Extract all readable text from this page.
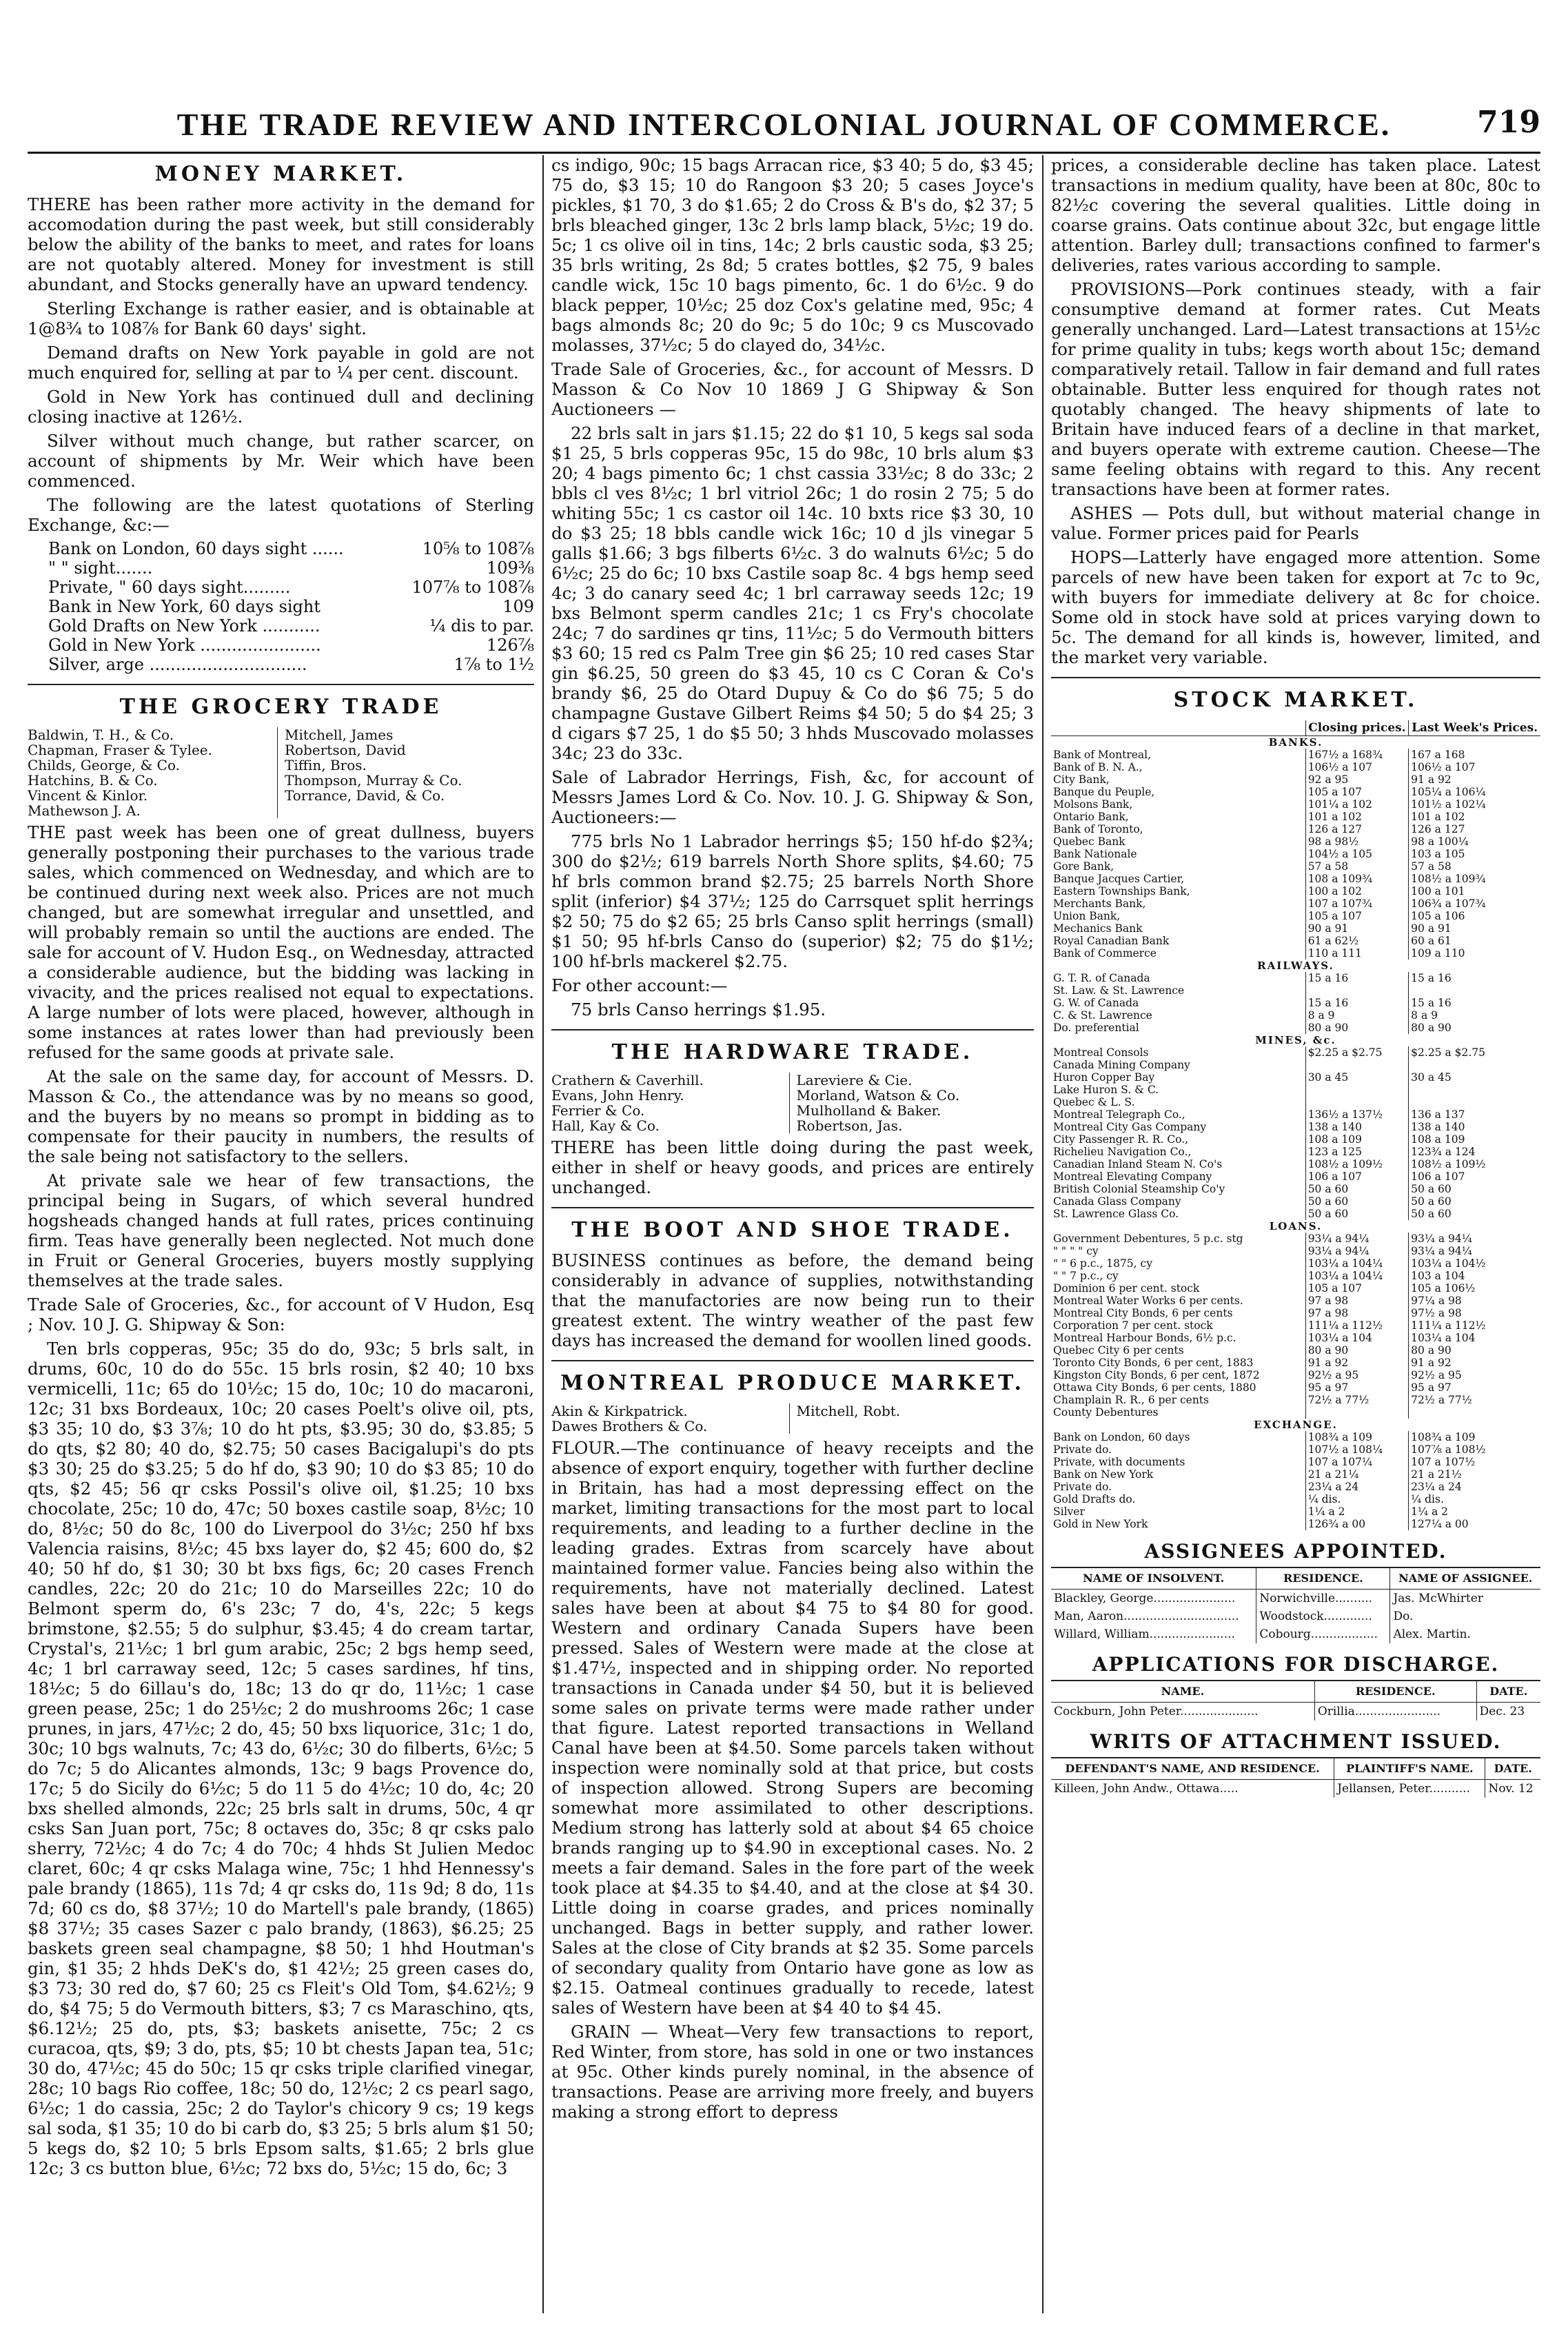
THE TRADE REVIEW AND INTERCOLONIAL JOURNAL OF COMMERCE.	719
MONEY MARKET.

THERE has been rather more activity in the demand for accomodation during the past week, but still considerably below the ability of the banks to meet, and rates for loans are not quotably altered. Money for investment is still abundant, and Stocks generally have an upward tendency.

Sterling Exchange is rather easier, and is obtainable at 1@8¾ to 108⅞ for Bank 60 days' sight.

Demand drafts on New York payable in gold are not much enquired for, selling at par to ¼ per cent. discount.

Gold in New York has continued dull and declining closing inactive at 126½.

Silver without much change, but rather scarcer, on account of shipments by Mr. Weir which have been commenced.

The following are the latest quotations of Sterling Exchange, &c:—

Bank on London, 60 days sight ......	10⅝ to 108⅞
" " sight.......	109⅜
Private, " 60 days sight.........	107⅞ to 108⅞
Bank in New York, 60 days sight	109
Gold Drafts on New York ...........	¼ dis to par.
Gold in New York .......................	126⅞
Silver, arge ..............................	1⅞ to 1½
THE GROCERY TRADE
Baldwin, T. H., & Co.
Chapman, Fraser & Tylee.
Childs, George, & Co.
Hatchins, B. & Co.
Vincent & Kinlor.
Mathewson J. A.
Mitchell, James
Robertson, David
Tiffin, Bros.
Thompson, Murray & Co.
Torrance, David, & Co.

THE past week has been one of great dullness, buyers generally postponing their purchases to the various trade sales, which commenced on Wednesday, and which are to be continued during next week also. Prices are not much changed, but are somewhat irregular and unsettled, and will probably remain so until the auctions are ended. The sale for account of V. Hudon Esq., on Wednesday, attracted a considerable audience, but the bidding was lacking in vivacity, and the prices realised not equal to expectations. A large number of lots were placed, however, although in some instances at rates lower than had previously been refused for the same goods at private sale.

At the sale on the same day, for account of Messrs. D. Masson & Co., the attendance was by no means so good, and the buyers by no means so prompt in bidding as to compensate for their paucity in numbers, the results of the sale being not satisfactory to the sellers.

At private sale we hear of few transactions, the principal being in Sugars, of which several hundred hogsheads changed hands at full rates, prices continuing firm. Teas have generally been neglected. Not much done in Fruit or General Groceries, buyers mostly supplying themselves at the trade sales.

Trade Sale of Groceries, &c., for account of V Hudon, Esq ; Nov. 10 J. G. Shipway & Son:

Ten brls copperas, 95c; 35 do do, 93c; 5 brls salt, in drums, 60c, 10 do do 55c. 15 brls rosin, $2 40; 10 bxs vermicelli, 11c; 65 do 10½c; 15 do, 10c; 10 do macaroni, 12c; 31 bxs Bordeaux, 10c; 20 cases Poelt's olive oil, pts, $3 35; 10 do, $3 3⅞; 10 do ht pts, $3.95; 30 do, $3.85; 5 do qts, $2 80; 40 do, $2.75; 50 cases Bacigalupi's do pts $3 30; 25 do $3.25; 5 do hf do, $3 90; 10 do $3 85; 10 do qts, $2 45; 56 qr csks Possil's olive oil, $1.25; 10 bxs chocolate, 25c; 10 do, 47c; 50 boxes castile soap, 8½c; 10 do, 8½c; 50 do 8c, 100 do Liverpool do 3½c; 250 hf bxs Valencia raisins, 8½c; 45 bxs layer do, $2 45; 600 do, $2 40; 50 hf do, $1 30; 30 bt bxs figs, 6c; 20 cases French candles, 22c; 20 do 21c; 10 do Marseilles 22c; 10 do Belmont sperm do, 6's 23c; 7 do, 4's, 22c; 5 kegs brimstone, $2.55; 5 do sulphur, $3.45; 4 do cream tartar, Crystal's, 21½c; 1 brl gum arabic, 25c; 2 bgs hemp seed, 4c; 1 brl carraway seed, 12c; 5 cases sardines, hf tins, 18½c; 5 do 6illau's do, 18c; 13 do qr do, 11½c; 1 case green pease, 25c; 1 do 25½c; 2 do mushrooms 26c; 1 case prunes, in jars, 47½c; 2 do, 45; 50 bxs liquorice, 31c; 1 do, 30c; 10 bgs walnuts, 7c; 43 do, 6½c; 30 do filberts, 6½c; 5 do 7c; 5 do Alicantes almonds, 13c; 9 bags Provence do, 17c; 5 do Sicily do 6½c; 5 do 11 5 do 4½c; 10 do, 4c; 20 bxs shelled almonds, 22c; 25 brls salt in drums, 50c, 4 qr csks San Juan port, 75c; 8 octaves do, 35c; 8 qr csks palo sherry, 72½c; 4 do 7c; 4 do 70c; 4 hhds St Julien Medoc claret, 60c; 4 qr csks Malaga wine, 75c; 1 hhd Hennessy's pale brandy (1865), 11s 7d; 4 qr csks do, 11s 9d; 8 do, 11s 7d; 60 cs do, $8 37½; 10 do Martell's pale brandy, (1865) $8 37½; 35 cases Sazer c palo brandy, (1863), $6.25; 25 baskets green seal champagne, $8 50; 1 hhd Houtman's gin, $1 35; 2 hhds DeK's do, $1 42½; 25 green cases do, $3 73; 30 red do, $7 60; 25 cs Fleit's Old Tom, $4.62½; 9 do, $4 75; 5 do Vermouth bitters, $3; 7 cs Maraschino, qts, $6.12½; 25 do, pts, $3; baskets anisette, 75c; 2 cs curacoa, qts, $9; 3 do, pts, $5; 10 bt chests Japan tea, 51c; 30 do, 47½c; 45 do 50c; 15 qr csks triple clarified vinegar, 28c; 10 bags Rio coffee, 18c; 50 do, 12½c; 2 cs pearl sago, 6½c; 1 do cassia, 25c; 2 do Taylor's chicory 9 cs; 19 kegs sal soda, $1 35; 10 do bi carb do, $3 25; 5 brls alum $1 50; 5 kegs do, $2 10; 5 brls Epsom salts, $1.65; 2 brls glue 12c; 3 cs button blue, 6½c; 72 bxs do, 5½c; 15 do, 6c; 3

cs indigo, 90c; 15 bags Arracan rice, $3 40; 5 do, $3 45; 75 do, $3 15; 10 do Rangoon $3 20; 5 cases Joyce's pickles, $1 70, 3 do $1.65; 2 do Cross & B's do, $2 37; 5 brls bleached ginger, 13c 2 brls lamp black, 5½c; 19 do. 5c; 1 cs olive oil in tins, 14c; 2 brls caustic soda, $3 25; 35 brls writing, 2s 8d; 5 crates bottles, $2 75, 9 bales candle wick, 15c 10 bags pimento, 6c. 1 do 6½c. 9 do black pepper, 10½c; 25 doz Cox's gelatine med, 95c; 4 bags almonds 8c; 20 do 9c; 5 do 10c; 9 cs Muscovado molasses, 37½c; 5 do clayed do, 34½c.

Trade Sale of Groceries, &c., for account of Messrs. D Masson & Co Nov 10 1869 J G Shipway & Son Auctioneers —

22 brls salt in jars $1.15; 22 do $1 10, 5 kegs sal soda $1 25, 5 brls copperas 95c, 15 do 98c, 10 brls alum $3 20; 4 bags pimento 6c; 1 chst cassia 33½c; 8 do 33c; 2 bbls cl ves 8½c; 1 brl vitriol 26c; 1 do rosin 2 75; 5 do whiting 55c; 1 cs castor oil 14c. 10 bxts rice $3 30, 10 do $3 25; 18 bbls candle wick 16c; 10 d jls vinegar 5 galls $1.66; 3 bgs filberts 6½c. 3 do walnuts 6½c; 5 do 6½c; 25 do 6c; 10 bxs Castile soap 8c. 4 bgs hemp seed 4c; 3 do canary seed 4c; 1 brl carraway seeds 12c; 19 bxs Belmont sperm candles 21c; 1 cs Fry's chocolate 24c; 7 do sardines qr tins, 11½c; 5 do Vermouth bitters $3 60; 15 red cs Palm Tree gin $6 25; 10 red cases Star gin $6.25, 50 green do $3 45, 10 cs C Coran & Co's brandy $6, 25 do Otard Dupuy & Co do $6 75; 5 do champagne Gustave Gilbert Reims $4 50; 5 do $4 25; 3 d cigars $7 25, 1 do $5 50; 3 hhds Muscovado molasses 34c; 23 do 33c.

Sale of Labrador Herrings, Fish, &c, for account of Messrs James Lord & Co. Nov. 10. J. G. Shipway & Son, Auctioneers:—

775 brls No 1 Labrador herrings $5; 150 hf-do $2¾; 300 do $2½; 619 barrels North Shore splits, $4.60; 75 hf brls common brand $2.75; 25 barrels North Shore split (inferior) $4 37½; 125 do Carrsquet split herrings $2 50; 75 do $2 65; 25 brls Canso split herrings (small) $1 50; 95 hf-brls Canso do (superior) $2; 75 do $1½; 100 hf-brls mackerel $2.75.

For other account:—

75 brls Canso herrings $1.95.

THE HARDWARE TRADE.
Crathern & Caverhill.
Evans, John Henry.
Ferrier & Co.
Hall, Kay & Co.
Lareviere & Cie.
Morland, Watson & Co.
Mulholland & Baker.
Robertson, Jas.

THERE has been little doing during the past week, either in shelf or heavy goods, and prices are entirely unchanged.

THE BOOT AND SHOE TRADE.

BUSINESS continues as before, the demand being considerably in advance of supplies, notwithstanding that the manufactories are now being run to their greatest extent. The wintry weather of the past few days has increased the demand for woollen lined goods.

MONTREAL PRODUCE MARKET.
Akin & Kirkpatrick.
Dawes Brothers & Co.
Mitchell, Robt.

FLOUR.—The continuance of heavy receipts and the absence of export enquiry, together with further decline in Britain, has had a most depressing effect on the market, limiting transactions for the most part to local requirements, and leading to a further decline in the leading grades. Extras from scarcely have about maintained former value. Fancies being also within the requirements, have not materially declined. Latest sales have been at about $4 75 to $4 80 for good. Western and ordinary Canada Supers have been pressed. Sales of Western were made at the close at $1.47½, inspected and in shipping order. No reported transactions in Canada under $4 50, but it is believed some sales on private terms were made rather under that figure. Latest reported transactions in Welland Canal have been at $4.50. Some parcels taken without inspection were nominally sold at that price, but costs of inspection allowed. Strong Supers are becoming somewhat more assimilated to other descriptions. Medium strong has latterly sold at about $4 65 choice brands ranging up to $4.90 in exceptional cases. No. 2 meets a fair demand. Sales in the fore part of the week took place at $4.35 to $4.40, and at the close at $4 30. Little doing in coarse grades, and prices nominally unchanged. Bags in better supply, and rather lower. Sales at the close of City brands at $2 35. Some parcels of secondary quality from Ontario have gone as low as $2.15. Oatmeal continues gradually to recede, latest sales of Western have been at $4 40 to $4 45.

GRAIN — Wheat—Very few transactions to report, Red Winter, from store, has sold in one or two instances at 95c. Other kinds purely nominal, in the absence of transactions. Pease are arriving more freely, and buyers making a strong effort to depress

prices, a considerable decline has taken place. Latest transactions in medium quality, have been at 80c, 80c to 82½c covering the several qualities. Little doing in coarse grains. Oats continue about 32c, but engage little attention. Barley dull; transactions confined to farmer's deliveries, rates various according to sample.

PROVISIONS—Pork continues steady, with a fair consumptive demand at former rates. Cut Meats generally unchanged. Lard—Latest transactions at 15½c for prime quality in tubs; kegs worth about 15c; demand comparatively retail. Tallow in fair demand and full rates obtainable. Butter less enquired for though rates not quotably changed. The heavy shipments of late to Britain have induced fears of a decline in that market, and buyers operate with extreme caution. Cheese—The same feeling obtains with regard to this. Any recent transactions have been at former rates.

ASHES — Pots dull, but without material change in value. Former prices paid for Pearls

HOPS—Latterly have engaged more attention. Some parcels of new have been taken for export at 7c to 9c, with buyers for immediate delivery at 8c for choice. Some old in stock have sold at prices varying down to 5c. The demand for all kinds is, however, limited, and the market very variable.

STOCK MARKET.
	Closing prices.	Last Week's Prices.
BANKS.		
Bank of Montreal,	167½ a 168¾	167 a 168
Bank of B. N. A.,	106½ a 107	106½ a 107
City Bank,	92 a 95	91 a 92
Banque du Peuple,	105 a 107	105¼ a 106¼
Molsons Bank,	101¼ a 102	101½ a 102¼
Ontario Bank,	101 a 102	101 a 102
Bank of Toronto,	126 a 127	126 a 127
Quebec Bank	98 a 98½	98 a 100¼
Bank Nationale	104½ a 105	103 a 105
Gore Bank,	57 a 58	57 a 58
Banque Jacques Cartier,	108 a 109¾	108½ a 109¾
Eastern Townships Bank,	100 a 102	100 a 101
Merchants Bank,	107 a 107¾	106¾ a 107¾
Union Bank,	105 a 107	105 a 106
Mechanics Bank	90 a 91	90 a 91
Royal Canadian Bank	61 a 62½	60 a 61
Bank of Commerce	110 a 111	109 a 110
RAILWAYS.		
G. T. R. of Canada	15 a 16	15 a 16
St. Law. & St. Lawrence		
G. W. of Canada	15 a 16	15 a 16
C. & St. Lawrence	8 a 9	8 a 9
Do. preferential	80 a 90	80 a 90
MINES, &c.		
Montreal Consols	$2.25 a $2.75	$2.25 a $2.75
Canada Mining Company		
Huron Copper Bay	30 a 45	30 a 45
Lake Huron S. & C.		
Quebec & L. S.		
Montreal Telegraph Co.,	136½ a 137½	136 a 137
Montreal City Gas Company	138 a 140	138 a 140
City Passenger R. R. Co.,	108 a 109	108 a 109
Richelieu Navigation Co.,	123 a 125	123¾ a 124
Canadian Inland Steam N. Co's	108½ a 109½	108½ a 109½
Montreal Elevating Company	106 a 107	106 a 107
British Colonial Steamship Co'y	50 a 60	50 a 60
Canada Glass Company	50 a 60	50 a 60
St. Lawrence Glass Co.	50 a 60	50 a 60
LOANS.		
Government Debentures, 5 p.c. stg	93¼ a 94¼	93¼ a 94¼
" " " " cy	93¼ a 94¼	93¼ a 94¼
" " 6 p.c., 1875, cy	103¼ a 104¼	103¼ a 104½
" " 7 p.c., cy	103¼ a 104¼	103 a 104
Dominion 6 per cent. stock	105 a 107	105 a 106½
Montreal Water Works 6 per cents.	97 a 98	97¼ a 98
Montreal City Bonds, 6 per cents	97 a 98	97½ a 98
Corporation 7 per cent. stock	111¼ a 112½	111¼ a 112½
Montreal Harbour Bonds, 6½ p.c.	103¼ a 104	103¼ a 104
Quebec City 6 per cents	80 a 90	80 a 90
Toronto City Bonds, 6 per cent, 1883	91 a 92	91 a 92
Kingston City Bonds, 6 per cent, 1872	92½ a 95	92½ a 95
Ottawa City Bonds, 6 per cents, 1880	95 a 97	95 a 97
Champlain R. R., 6 per cents	72½ a 77½	72½ a 77½
County Debentures		
EXCHANGE.		
Bank on London, 60 days	108¾ a 109	108¾ a 109
Private do.	107½ a 108¼	107⅞ a 108½
Private, with documents	107 a 107¼	107 a 107½
Bank on New York	21 a 21¼	21 a 21½
Private do.	23¼ a 24	23¼ a 24
Gold Drafts do.	¼ dis.	¼ dis.
Silver	1¼ a 2	1¼ a 2
Gold in New York	126¾ a 00	127¼ a 00
ASSIGNEES APPOINTED.
NAME OF INSOLVENT.	RESIDENCE.	NAME OF ASSIGNEE.
Blackley, George......................	Norwichville..........	Jas. McWhirter
Man, Aaron...............................	Woodstock.............	Do.
Willard, William.......................	Cobourg..................	Alex. Martin.
APPLICATIONS FOR DISCHARGE.
NAME.	RESIDENCE.	DATE.
Cockburn, John Peter.....................	Orillia.......................	Dec. 23
WRITS OF ATTACHMENT ISSUED.
DEFENDANT'S NAME, AND RESIDENCE.	PLAINTIFF'S NAME.	DATE.
Killeen, John Andw., Ottawa.....	Jellansen, Peter...........	Nov. 12
